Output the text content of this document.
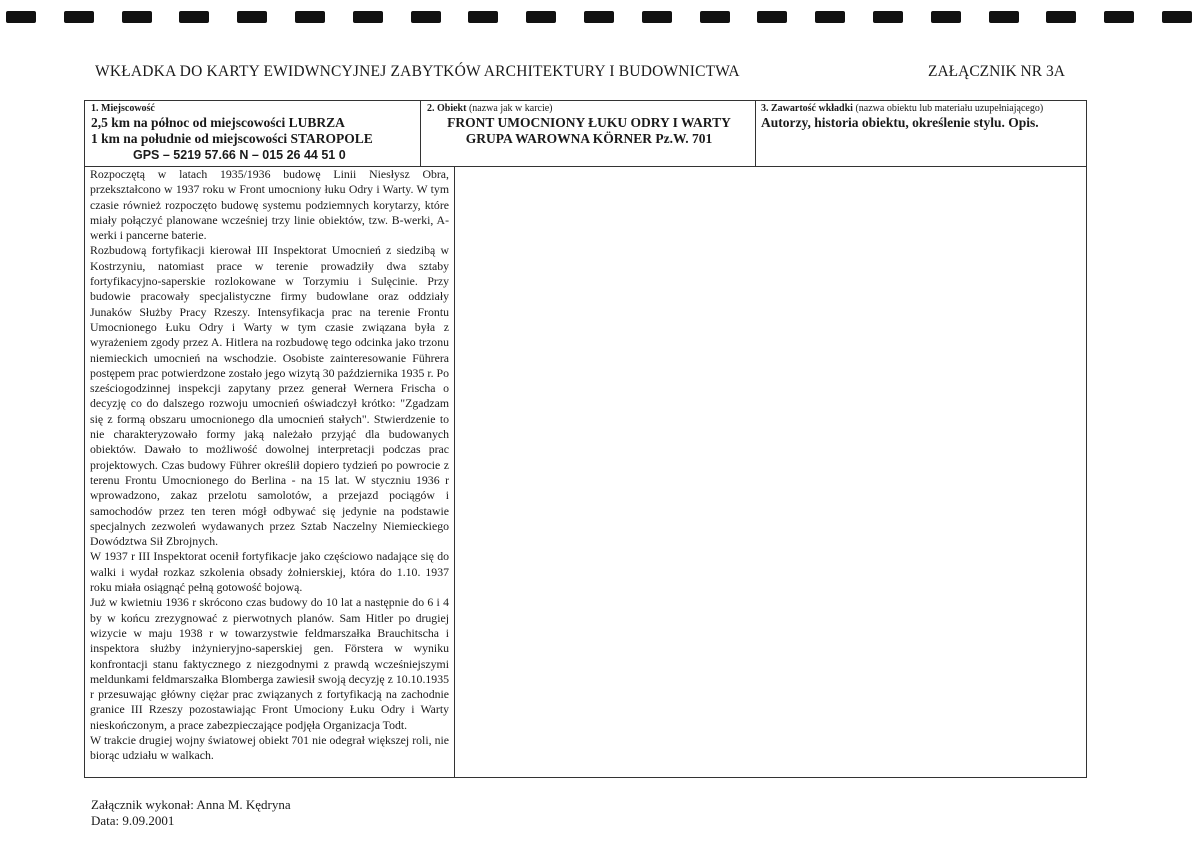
WKŁADKA DO KARTY EWIDWNCYJNEJ ZABYTKÓW ARCHITEKTURY I BUDOWNICTWA	ZAŁĄCZNIK NR 3A
1. Miejscowość
2,5 km na północ od miejscowości LUBRZA
1 km na południe od miejscowości STAROPOLE
GPS – 5219 57.66 N – 015 26 44 51 0
2. Obiekt (nazwa jak w karcie)
FRONT UMOCNIONY ŁUKU ODRY I WARTY
GRUPA WAROWNA KÖRNER Pz.W. 701
3. Zawartość wkładki (nazwa obiektu lub materiału uzupełniającego)
Autorzy, historia obiektu, określenie stylu. Opis.

Rozpoczętą w latach 1935/1936 budowę Linii Niesłysz Obra, przekształcono w 1937 roku w Front umocniony łuku Odry i Warty. W tym czasie również rozpoczęto budowę systemu podziemnych korytarzy, które miały połączyć planowane wcześniej trzy linie obiektów, tzw. B-werki, A-werki i pancerne baterie.

Rozbudową fortyfikacji kierował III Inspektorat Umocnień z siedzibą w Kostrzyniu, natomiast prace w terenie prowadziły dwa sztaby fortyfikacyjno-saperskie rozlokowane w Torzymiu i Sulęcinie. Przy budowie pracowały specjalistyczne firmy budowlane oraz oddziały Junaków Służby Pracy Rzeszy. Intensyfikacja prac na terenie Frontu Umocnionego Łuku Odry i Warty w tym czasie związana była z wyrażeniem zgody przez A. Hitlera na rozbudowę tego odcinka jako trzonu niemieckich umocnień na wschodzie. Osobiste zainteresowanie Führera postępem prac potwierdzone zostało jego wizytą 30 października 1935 r. Po sześciogodzinnej inspekcji zapytany przez generał Wernera Frischa o decyzję co do dalszego rozwoju umocnień oświadczył krótko: "Zgadzam się z formą obszaru umocnionego dla umocnień stałych". Stwierdzenie to nie charakteryzowało formy jaką należało przyjąć dla budowanych obiektów. Dawało to możliwość dowolnej interpretacji podczas prac projektowych. Czas budowy Führer określił dopiero tydzień po powrocie z terenu Frontu Umocnionego do Berlina - na 15 lat. W styczniu 1936 r wprowadzono, zakaz przelotu samolotów, a przejazd pociągów i samochodów przez ten teren mógł odbywać się jedynie na podstawie specjalnych zezwoleń wydawanych przez Sztab Naczelny Niemieckiego Dowództwa Sił Zbrojnych.

W 1937 r III Inspektorat ocenił fortyfikacje jako częściowo nadające się do walki i wydał rozkaz szkolenia obsady żołnierskiej, która do 1.10. 1937 roku miała osiągnąć pełną gotowość bojową.

Już w kwietniu 1936 r skrócono czas budowy do 10 lat a następnie do 6 i 4 by w końcu zrezygnować z pierwotnych planów. Sam Hitler po drugiej wizycie w maju 1938 r w towarzystwie feldmarszałka Brauchitscha i inspektora służby inżynieryjno-saperskiej gen. Förstera w wyniku konfrontacji stanu faktycznego z niezgodnymi z prawdą wcześniejszymi meldunkami feldmarszałka Blomberga zawiesił swoją decyzję z 10.10.1935 r przesuwając główny ciężar prac związanych z fortyfikacją na zachodnie granice III Rzeszy pozostawiając Front Umociony Łuku Odry i Warty nieskończonym, a prace zabezpieczające podjęła Organizacja Todt.

W trakcie drugiej wojny światowej obiekt 701 nie odegrał większej roli, nie biorąc udziału w walkach.

Załącznik wykonał: Anna M. Kędryna
Data: 9.09.2001
